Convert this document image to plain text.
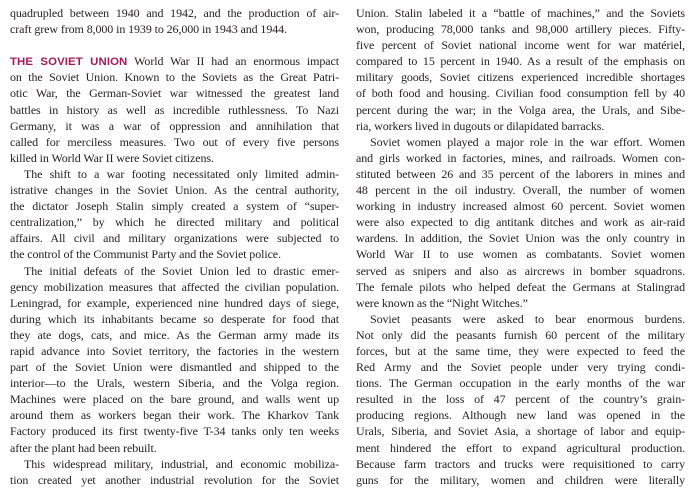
quadrupled between 1940 and 1942, and the production of air-
craft grew from 8,000 in 1939 to 26,000 in 1943 and 1944.
THE SOVIET UNION World War II had an enormous impact
on the Soviet Union. Known to the Soviets as the Great Patri-
otic War, the German-Soviet war witnessed the greatest land
battles in history as well as incredible ruthlessness. To Nazi
Germany, it was a war of oppression and annihilation that
called for merciless measures. Two out of every five persons
killed in World War II were Soviet citizens.
The shift to a war footing necessitated only limited admin-
istrative changes in the Soviet Union. As the central authority,
the dictator Joseph Stalin simply created a system of “super-
centralization,” by which he directed military and political
affairs. All civil and military organizations were subjected to
the control of the Communist Party and the Soviet police.
The initial defeats of the Soviet Union led to drastic emer-
gency mobilization measures that affected the civilian population.
Leningrad, for example, experienced nine hundred days of siege,
during which its inhabitants became so desperate for food that
they ate dogs, cats, and mice. As the German army made its
rapid advance into Soviet territory, the factories in the western
part of the Soviet Union were dismantled and shipped to the
interior—to the Urals, western Siberia, and the Volga region.
Machines were placed on the bare ground, and walls went up
around them as workers began their work. The Kharkov Tank
Factory produced its first twenty-five T-34 tanks only ten weeks
after the plant had been rebuilt.
This widespread military, industrial, and economic mobiliza-
tion created yet another industrial revolution for the Soviet
Union. Stalin labeled it a “battle of machines,” and the Soviets
won, producing 78,000 tanks and 98,000 artillery pieces. Fifty-
five percent of Soviet national income went for war matériel,
compared to 15 percent in 1940. As a result of the emphasis on
military goods, Soviet citizens experienced incredible shortages
of both food and housing. Civilian food consumption fell by 40
percent during the war; in the Volga area, the Urals, and Sibe-
ria, workers lived in dugouts or dilapidated barracks.
Soviet women played a major role in the war effort. Women
and girls worked in factories, mines, and railroads. Women con-
stituted between 26 and 35 percent of the laborers in mines and
48 percent in the oil industry. Overall, the number of women
working in industry increased almost 60 percent. Soviet women
were also expected to dig antitank ditches and work as air-raid
wardens. In addition, the Soviet Union was the only country in
World War II to use women as combatants. Soviet women
served as snipers and also as aircrews in bomber squadrons.
The female pilots who helped defeat the Germans at Stalingrad
were known as the “Night Witches.”
Soviet peasants were asked to bear enormous burdens.
Not only did the peasants furnish 60 percent of the military
forces, but at the same time, they were expected to feed the
Red Army and the Soviet people under very trying condi-
tions. The German occupation in the early months of the war
resulted in the loss of 47 percent of the country’s grain-
producing regions. Although new land was opened in the
Urals, Siberia, and Soviet Asia, a shortage of labor and equip-
ment hindered the effort to expand agricultural production.
Because farm tractors and trucks were requisitioned to carry
guns for the military, women and children were literally
